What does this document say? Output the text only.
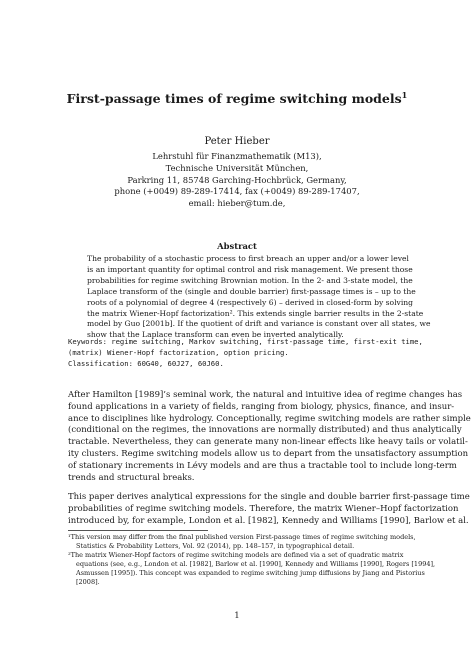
First-passage times of regime switching models$^1$
Peter Hieber
Lehrstuhl für Finanzmathematik (M13),
Technische Universität München,
Parkring 11, 85748 Garching-Hochbrück, Germany,
phone (+0049) 89-289-17414, fax (+0049) 89-289-17407,
email: hieber@tum.de,
Abstract
The probability of a stochastic process to first breach an upper and/or a lower level
is an important quantity for optimal control and risk management. We present those
probabilities for regime switching Brownian motion. In the 2- and 3-state model, the
Laplace transform of the (single and double barrier) first-passage times is – up to the
roots of a polynomial of degree 4 (respectively 6) – derived in closed-form by solving
the matrix Wiener-Hopf factorization². This extends single barrier results in the 2-state
model by Guo [2001b]. If the quotient of drift and variance is constant over all states, we
show that the Laplace transform can even be inverted analytically.
Keywords: regime switching, Markov switching, first-passage time, first-exit time,
(matrix) Wiener-Hopf factorization, option pricing.
Classification: 60G40, 60J27, 60J60.
After Hamilton [1989]’s seminal work, the natural and intuitive idea of regime changes has
found applications in a variety of fields, ranging from biology, physics, finance, and insur-
ance to disciplines like hydrology. Conceptionally, regime switching models are rather simple
(conditional on the regimes, the innovations are normally distributed) and thus analytically
tractable. Nevertheless, they can generate many non-linear effects like heavy tails or volatil-
ity clusters. Regime switching models allow us to depart from the unsatisfactory assumption
of stationary increments in Lévy models and are thus a tractable tool to include long-term
trends and structural breaks.
This paper derives analytical expressions for the single and double barrier first-passage time
probabilities of regime switching models. Therefore, the matrix Wiener–Hopf factorization
introduced by, for example, London et al. [1982], Kennedy and Williams [1990], Barlow et al.
¹This version may differ from the final published version First-passage times of regime switching models,
Statistics & Probability Letters, Vol. 92 (2014), pp. 148–157, in typographical detail.
²The matrix Wiener-Hopf factors of regime switching models are defined via a set of quadratic matrix
equations (see, e.g., London et al. [1982], Barlow et al. [1990], Kennedy and Williams [1990], Rogers [1994],
Asmussen [1995]). This concept was expanded to regime switching jump diffusions by Jiang and Pistorius
[2008].
1
